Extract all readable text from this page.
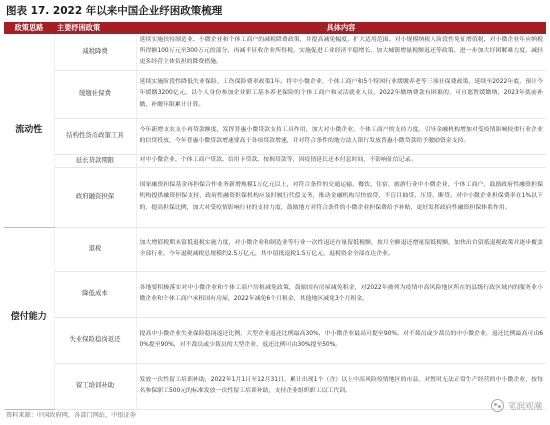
图表 17. 2022 年以来中国企业纾困政策梳理
政策思路	主要纾困政策	具体内容
流动性	减税降费	延续实施扶持制造业、小微企业和个体工商户的减税降费政策，并提高减免幅度、扩大适用范围。对小规模纳税人阶段性免征增值税，对小微企业年应纳税所得额100万元至300万元的部分，再减半征收企业所得税。实施促进工业经济平稳增长、加大城镇增量税额返还等政策，进一步加大纾困解难力度，减轻更多经营主体负担的降费措施。
	缓缴社保费	延续实施阶段性降低失业保险、工伤保险费率政策1年。将中小微企业、个体工商户和5个特困行业缓缴养老等三项社保费政策，延续至2022年底，预计今年缓缴3200亿元。以个人身份参加企业职工基本养老保险的个体工商户和灵活就业人员，2022年缴纳费款有困难的，可自愿暂缓缴纳，2023年底前补缴，补缴年限累计计算。
	结构性货币政策工具	今年新增支农支小再贷款额度，发挥普惠小微贷款支持工具作用，加大对小微企业、个体工商户的支持力度。引导金融机构增加对受疫情影响较重行业企业的信贷投放，今年普惠小微贷款增速要高于各项贷款增速，并对符合条件的地方法人银行发放普惠小微贷款给予激励资金支持。
	延长贷款期限	对中小微企业、个体工商户贷款、信用卡贷款、按揭贷款等，因疫情延长还本付息时间，不影响征信记录。
	政府融资担保	国家融资担保基金再担保合作业务新增规模1万亿元以上，对符合条件的交通运输、餐饮、住宿、旅游行业中小微企业、个体工商户，鼓励政府性融资担保机构提供融资担保支持，政府性融资担保机构应及时履行代偿义务，推动金融机构尽快放贷，不盲目抽贷、压贷、断贷。对中小微企业担保费率在1%以下的，提高担保比例，加大对受疫情影响行业的支持力度，鼓励地方对符合条件的小微企业担保费给予补贴，更好发挥政府性融资担保体系作用。
偿付能力	退税	加大增值税期末留抵退税实施力度，对小微企业和制造业等行业一次性退还存量留抵税额，按月全额退还增量留抵税额，加快出台留抵退税政策并逐步覆盖全部行业。今年退税减税总规模约2.5万亿元，其中留抵退税1.5万亿元，退税资金全部直达企业。
	降低成本	各地要积极落实对中小微企业和个体工商户房租减免政策，鼓励国有房屋减免租金，对2022年被列为疫情中高风险地区所在的县级行政区域内的服务业小微企业和个体工商户承租国有房屋，2022年减免6个月租金，其他地区减免3个月租金。
	失业保险稳岗返还	提高中小微企业失业保险稳岗返还比例，大型企业返还比例最高30%，中小微企业最高可提至90%。对不裁员或少裁员的中小微企业，返还比例最高可由60%提至90%，对不裁员或少裁员的大型企业，返还比例可由30%提至50%。
	留工培训补助	发放一次性留工培训补助，2022年1月1日至12月31日，累计出现1个（含）以上中高风险疫情地区的市县，对暂时无法正常生产经营的中小微企业，按每名参保职工500元的标准发放一次性留工培训补助，支持企业组织职工以工代训。
资料来源：中国政府网，各部门网站，中银证券
笔润观潮
